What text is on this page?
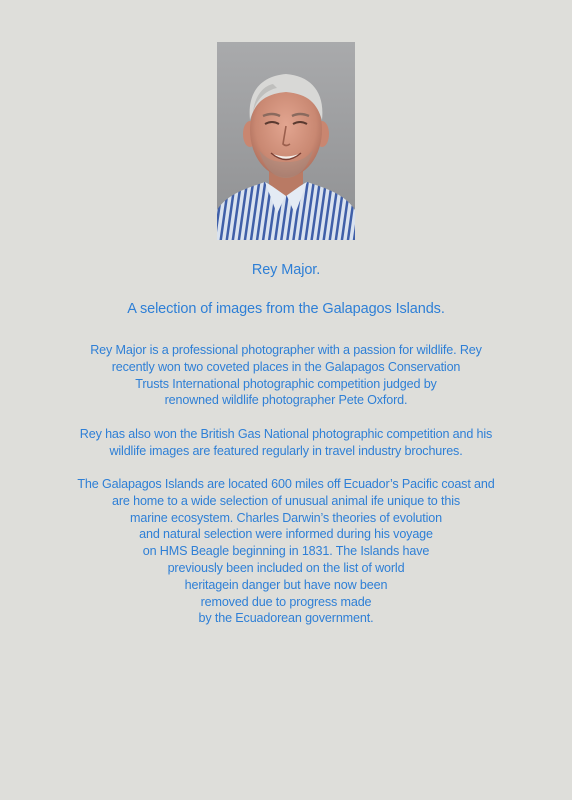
Rey Major.
A selection of images from the Galapagos Islands.
Rey Major is a professional photographer with a passion for wildlife. Rey
recently won two coveted places in the Galapagos Conservation
Trusts International photographic competition judged by
renowned wildlife photographer Pete Oxford.
Rey has also won the British Gas National photographic competition and his
wildlife images are featured regularly in travel industry brochures.
The Galapagos Islands are located 600 miles off Ecuador’s Pacific coast and
are home to a wide selection of unusual animal ife unique to this
marine ecosystem. Charles Darwin’s theories of evolution
and natural selection were informed during his voyage
on HMS Beagle beginning in 1831. The Islands have
previously been included on the list of world
heritagein danger but have now been
removed due to progress made
by the Ecuadorean government.
